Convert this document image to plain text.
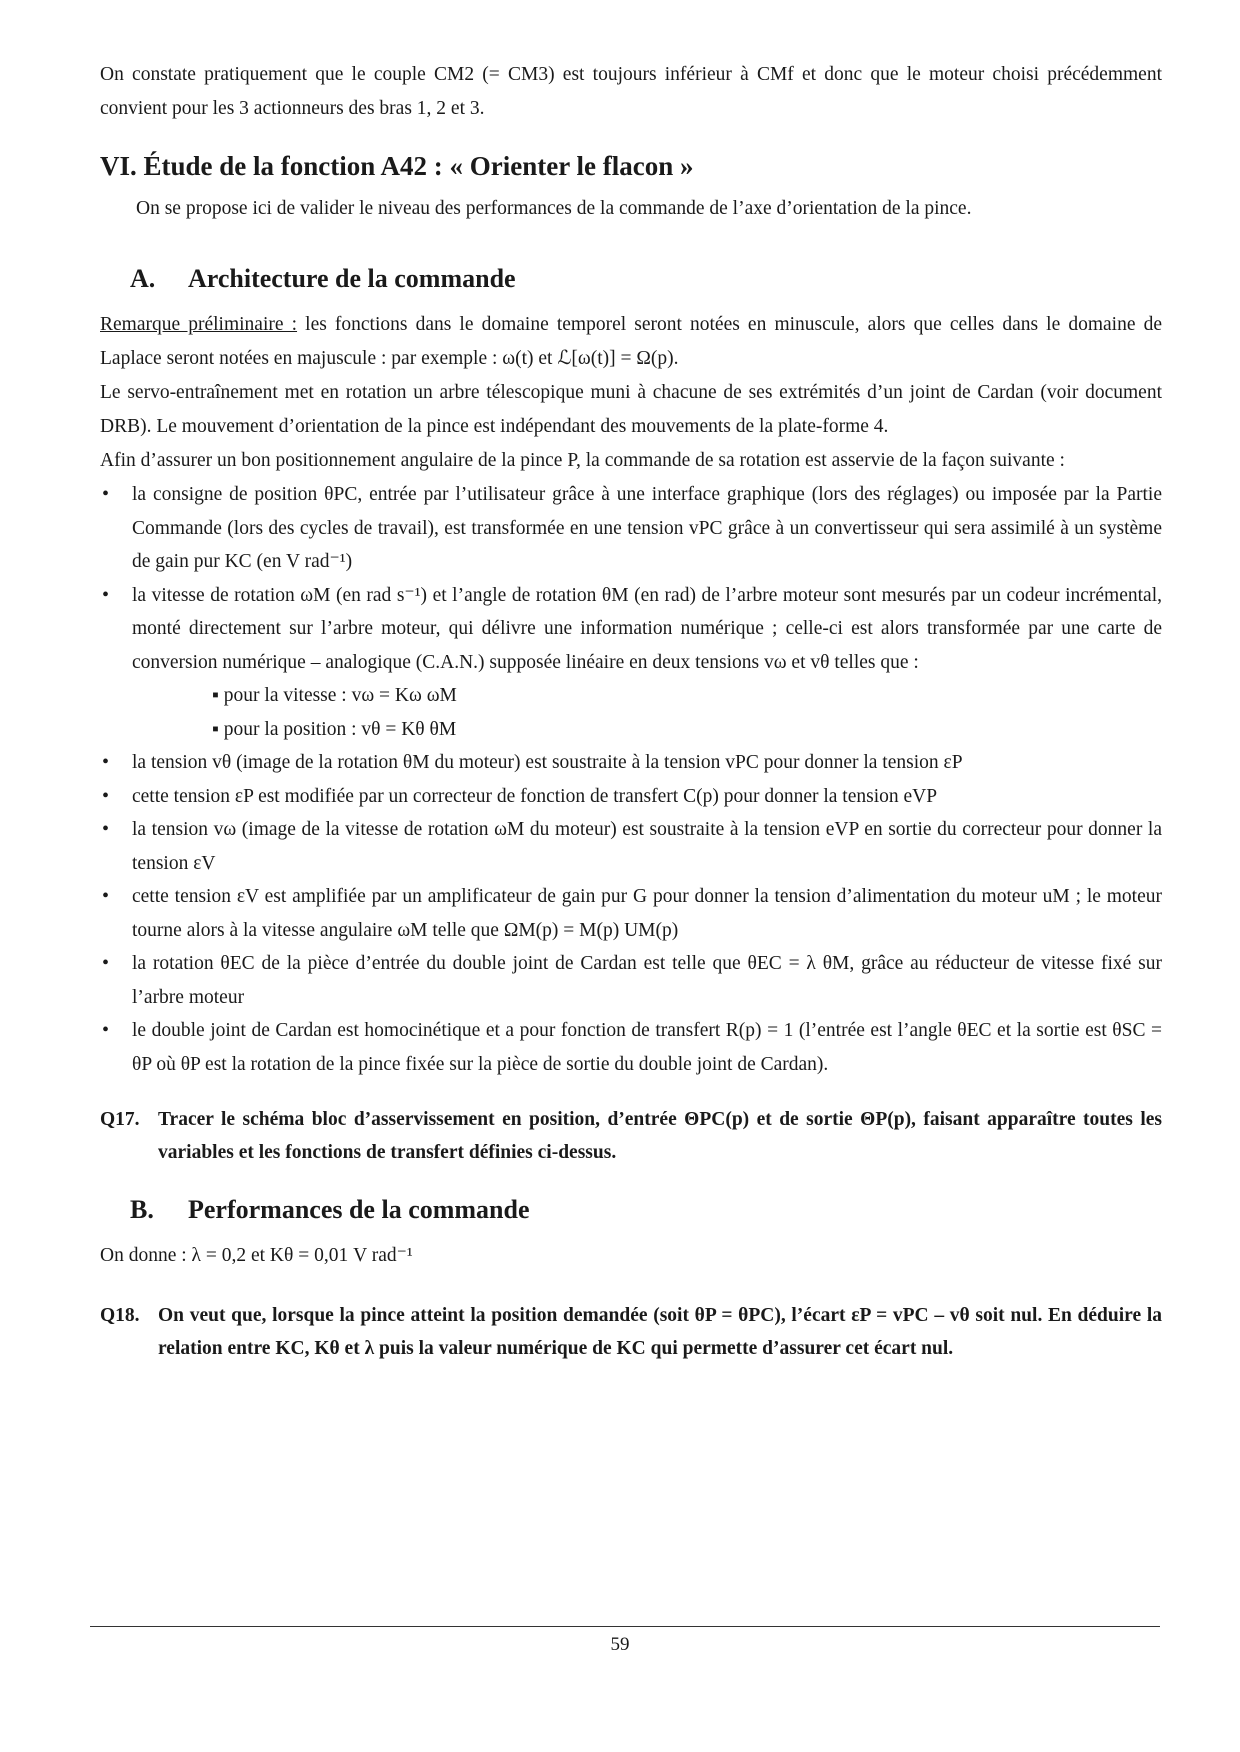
On constate pratiquement que le couple CM2 (= CM3) est toujours inférieur à CMf et donc que le moteur choisi précédemment convient pour les 3 actionneurs des bras 1, 2 et 3.

VI. Étude de la fonction A42 : « Orienter le flacon »

On se propose ici de valider le niveau des performances de la commande de l’axe d’orientation de la pince.

A. Architecture de la commande

Remarque préliminaire : les fonctions dans le domaine temporel seront notées en minuscule, alors que celles dans le domaine de Laplace seront notées en majuscule : par exemple : ω(t) et ℒ[ω(t)] = Ω(p).

Le servo-entraînement met en rotation un arbre télescopique muni à chacune de ses extrémités d’un joint de Cardan (voir document DRB). Le mouvement d’orientation de la pince est indépendant des mouvements de la plate-forme 4.

Afin d’assurer un bon positionnement angulaire de la pince P, la commande de sa rotation est asservie de la façon suivante :

• la consigne de position θPC, entrée par l’utilisateur grâce à une interface graphique (lors des réglages) ou imposée par la Partie Commande (lors des cycles de travail), est transformée en une tension vPC grâce à un convertisseur qui sera assimilé à un système de gain pur KC (en V rad⁻¹)
• la vitesse de rotation ωM (en rad s⁻¹) et l’angle de rotation θM (en rad) de l’arbre moteur sont mesurés par un codeur incrémental, monté directement sur l’arbre moteur, qui délivre une information numérique ; celle-ci est alors transformée par une carte de conversion numérique – analogique (C.A.N.) supposée linéaire en deux tensions vω et vθ telles que :
▪ pour la vitesse : vω = Kω ωM
▪ pour la position : vθ = Kθ θM
• la tension vθ (image de la rotation θM du moteur) est soustraite à la tension vPC pour donner la tension εP
• cette tension εP est modifiée par un correcteur de fonction de transfert C(p) pour donner la tension eVP
• la tension vω (image de la vitesse de rotation ωM du moteur) est soustraite à la tension eVP en sortie du correcteur pour donner la tension εV
• cette tension εV est amplifiée par un amplificateur de gain pur G pour donner la tension d’alimentation du moteur uM ; le moteur tourne alors à la vitesse angulaire ωM telle que ΩM(p) = M(p) UM(p)
• la rotation θEC de la pièce d’entrée du double joint de Cardan est telle que θEC = λ θM, grâce au réducteur de vitesse fixé sur l’arbre moteur
• le double joint de Cardan est homocinétique et a pour fonction de transfert R(p) = 1 (l’entrée est l’angle θEC et la sortie est θSC = θP où θP est la rotation de la pince fixée sur la pièce de sortie du double joint de Cardan).
Q17. Tracer le schéma bloc d’asservissement en position, d’entrée ΘPC(p) et de sortie ΘP(p), faisant apparaître toutes les variables et les fonctions de transfert définies ci-dessus.
B. Performances de la commande

On donne : λ = 0,2 et Kθ = 0,01 V rad⁻¹

Q18. On veut que, lorsque la pince atteint la position demandée (soit θP = θPC), l’écart εP = vPC – vθ soit nul. En déduire la relation entre KC, Kθ et λ puis la valeur numérique de KC qui permette d’assurer cet écart nul.
59
